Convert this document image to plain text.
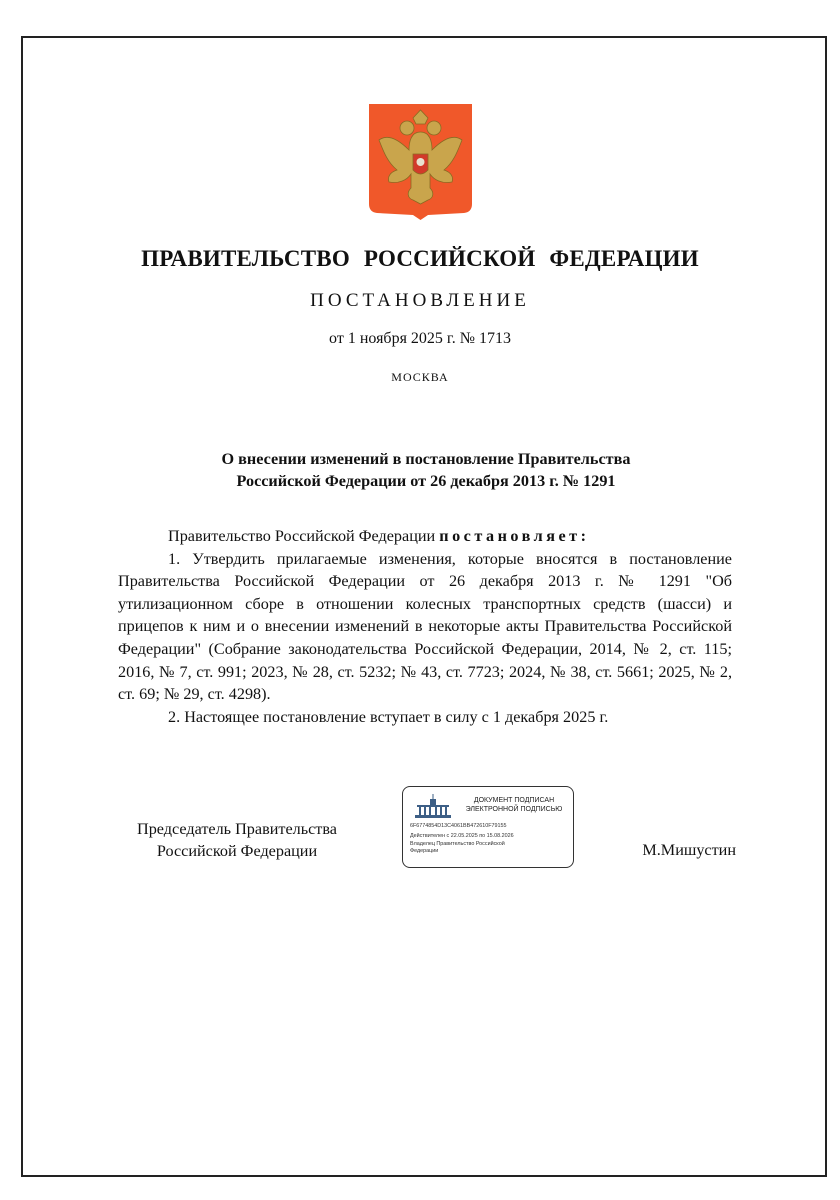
ПРАВИТЕЛЬСТВО РОССИЙСКОЙ ФЕДЕРАЦИИ
ПОСТАНОВЛЕНИЕ
от 1 ноября 2025 г. № 1713
МОСКВА
О внесении изменений в постановление Правительства
Российской Федерации от 26 декабря 2013 г. № 1291

Правительство Российской Федерации постановляет:

1. Утвердить прилагаемые изменения, которые вносятся в постановление Правительства Российской Федерации от 26 декабря 2013 г. № 1291 "Об утилизационном сборе в отношении колесных транспортных средств (шасси) и прицепов к ним и о внесении изменений в некоторые акты Правительства Российской Федерации" (Собрание законодательства Российской Федерации, 2014, № 2, ст. 115; 2016, № 7, ст. 991; 2023, № 28, ст. 5232; № 43, ст. 7723; 2024, № 38, ст. 5661; 2025, № 2, ст. 69; № 29, ст. 4298).

2. Настоящее постановление вступает в силу с 1 декабря 2025 г.

Председатель Правительства
Российской Федерации
ДОКУМЕНТ ПОДПИСАН
ЭЛЕКТРОННОЙ ПОДПИСЬЮ
6F6774854D13C4061BB472610F79155
Действителен с 22.05.2025 по 15.08.2026
Владелец Правительство Российской
Федерации	М.Мишустин
